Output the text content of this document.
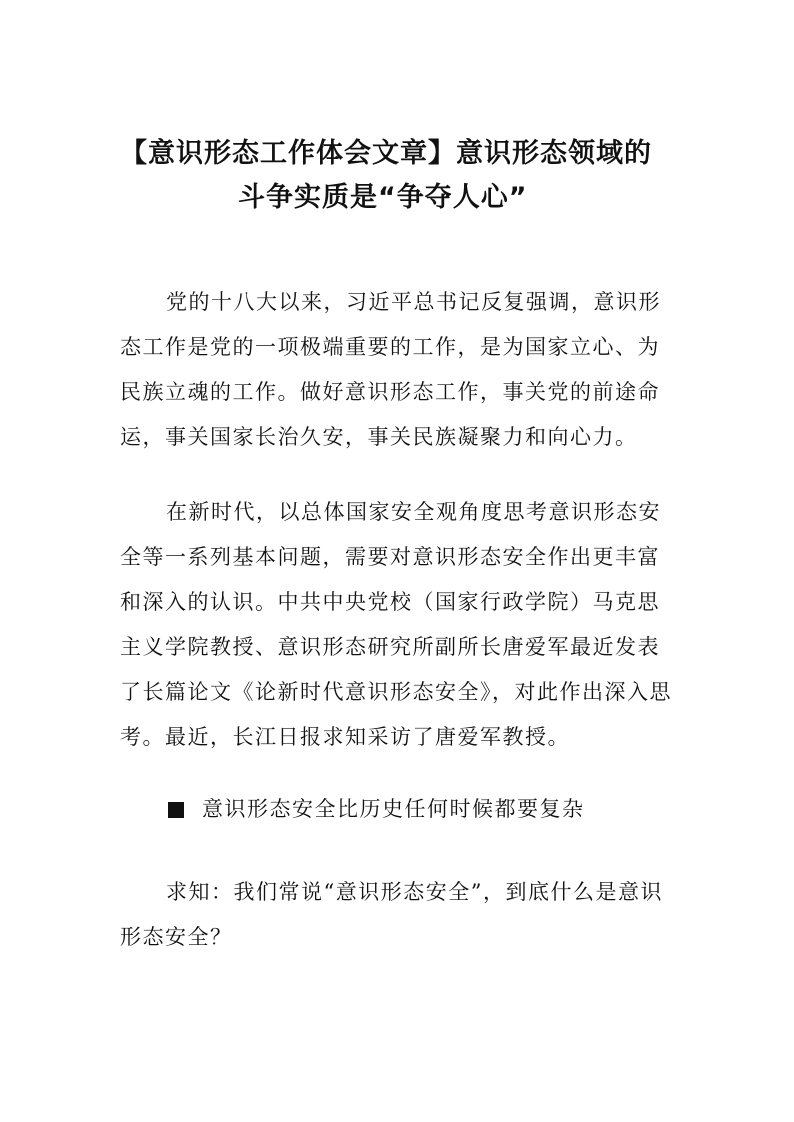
【意识形态工作体会文章】意识形态领域的
斗争实质是“争夺人心”

党的十八大以来，习近平总书记反复强调，意识形态工作是党的一项极端重要的工作，是为国家立心、为民族立魂的工作。做好意识形态工作，事关党的前途命运，事关国家长治久安，事关民族凝聚力和向心力。

在新时代，以总体国家安全观角度思考意识形态安全等一系列基本问题，需要对意识形态安全作出更丰富和深入的认识。中共中央党校（国家行政学院）马克思主义学院教授、意识形态研究所副所长唐爱军最近发表了长篇论文《论新时代意识形态安全》，对此作出深入思考。最近，长江日报求知采访了唐爱军教授。

意识形态安全比历史任何时候都要复杂

求知：我们常说“意识形态安全”，到底什么是意识形态安全？
